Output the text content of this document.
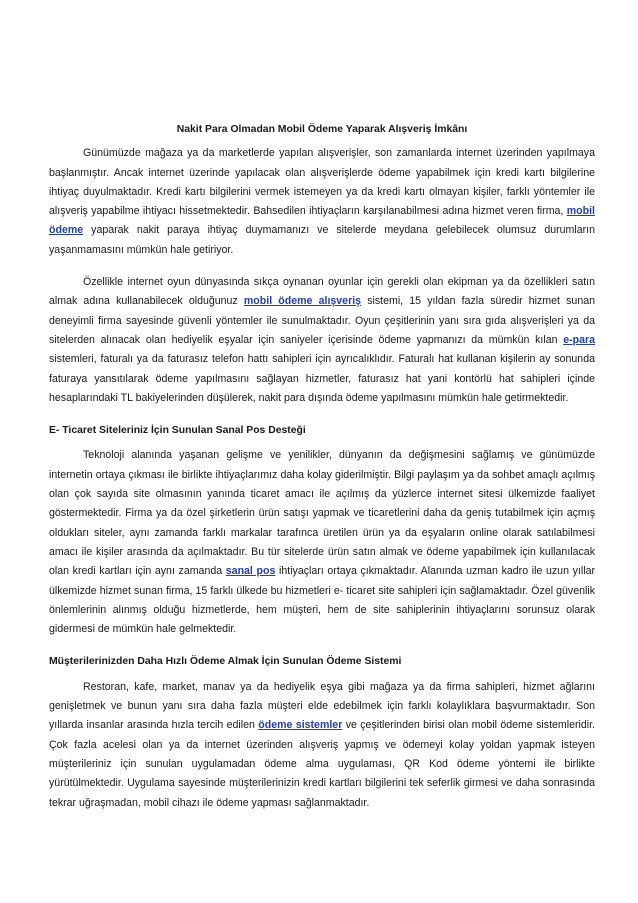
Nakit Para Olmadan Mobil Ödeme Yaparak Alışveriş İmkânı

Günümüzde mağaza ya da marketlerde yapılan alışverişler, son zamanlarda internet üzerinden yapılmaya başlanmıştır. Ancak internet üzerinde yapılacak olan alışverişlerde ödeme yapabilmek için kredi kartı bilgilerine ihtiyaç duyulmaktadır. Kredi kartı bilgilerini vermek istemeyen ya da kredi kartı olmayan kişiler, farklı yöntemler ile alışveriş yapabilme ihtiyacı hissetmektedir. Bahsedilen ihtiyaçların karşılanabilmesi adına hizmet veren firma, mobil ödeme yaparak nakit paraya ihtiyaç duymamanızı ve sitelerde meydana gelebilecek olumsuz durumların yaşanmamasını mümkün hale getiriyor.

Özellikle internet oyun dünyasında sıkça oynanan oyunlar için gerekli olan ekipman ya da özellikleri satın almak adına kullanabilecek olduğunuz mobil ödeme alışveriş sistemi, 15 yıldan fazla süredir hizmet sunan deneyimli firma sayesinde güvenli yöntemler ile sunulmaktadır. Oyun çeşitlerinin yanı sıra gıda alışverişleri ya da sitelerden alınacak olan hediyelik eşyalar için saniyeler içerisinde ödeme yapmanızı da mümkün kılan e-para sistemleri, faturalı ya da faturasız telefon hattı sahipleri için ayrıcalıklıdır. Faturalı hat kullanan kişilerin ay sonunda faturaya yansıtılarak ödeme yapılmasını sağlayan hizmetler, faturasız hat yani kontörlü hat sahipleri içinde hesaplarındaki TL bakiyelerinden düşülerek, nakit para dışında ödeme yapılmasını mümkün hale getirmektedir.

E- Ticaret Siteleriniz İçin Sunulan Sanal Pos Desteği

Teknoloji alanında yaşanan gelişme ve yenilikler, dünyanın da değişmesini sağlamış ve günümüzde internetin ortaya çıkması ile birlikte ihtiyaçlarımız daha kolay giderilmiştir. Bilgi paylaşım ya da sohbet amaçlı açılmış olan çok sayıda site olmasının yanında ticaret amacı ile açılmış da yüzlerce internet sitesi ülkemizde faaliyet göstermektedir. Firma ya da özel şirketlerin ürün satışı yapmak ve ticaretlerini daha da geniş tutabilmek için açmış oldukları siteler, aynı zamanda farklı markalar tarafınca üretilen ürün ya da eşyaların online olarak satılabilmesi amacı ile kişiler arasında da açılmaktadır. Bu tür sitelerde ürün satın almak ve ödeme yapabilmek için kullanılacak olan kredi kartları için aynı zamanda sanal pos ihtiyaçları ortaya çıkmaktadır. Alanında uzman kadro ile uzun yıllar ülkemizde hizmet sunan firma, 15 farklı ülkede bu hizmetleri e- ticaret site sahipleri için sağlamaktadır. Özel güvenlik önlemlerinin alınmış olduğu hizmetlerde, hem müşteri, hem de site sahiplerinin ihtiyaçlarını sorunsuz olarak gidermesi de mümkün hale gelmektedir.

Müşterilerinizden Daha Hızlı Ödeme Almak İçin Sunulan Ödeme Sistemi

Restoran, kafe, market, manav ya da hediyelik eşya gibi mağaza ya da firma sahipleri, hizmet ağlarını genişletmek ve bunun yanı sıra daha fazla müşteri elde edebilmek için farklı kolaylıklara başvurmaktadır. Son yıllarda insanlar arasında hızla tercih edilen ödeme sistemler ve çeşitlerinden birisi olan mobil ödeme sistemleridir. Çok fazla acelesi olan ya da internet üzerinden alışveriş yapmış ve ödemeyi kolay yoldan yapmak isteyen müşterileriniz için sunulan uygulamadan ödeme alma uygulaması, QR Kod ödeme yöntemi ile birlikte yürütülmektedir. Uygulama sayesinde müşterilerinizin kredi kartları bilgilerini tek seferlik girmesi ve daha sonrasında tekrar uğraşmadan, mobil cihazı ile ödeme yapması sağlanmaktadır.
